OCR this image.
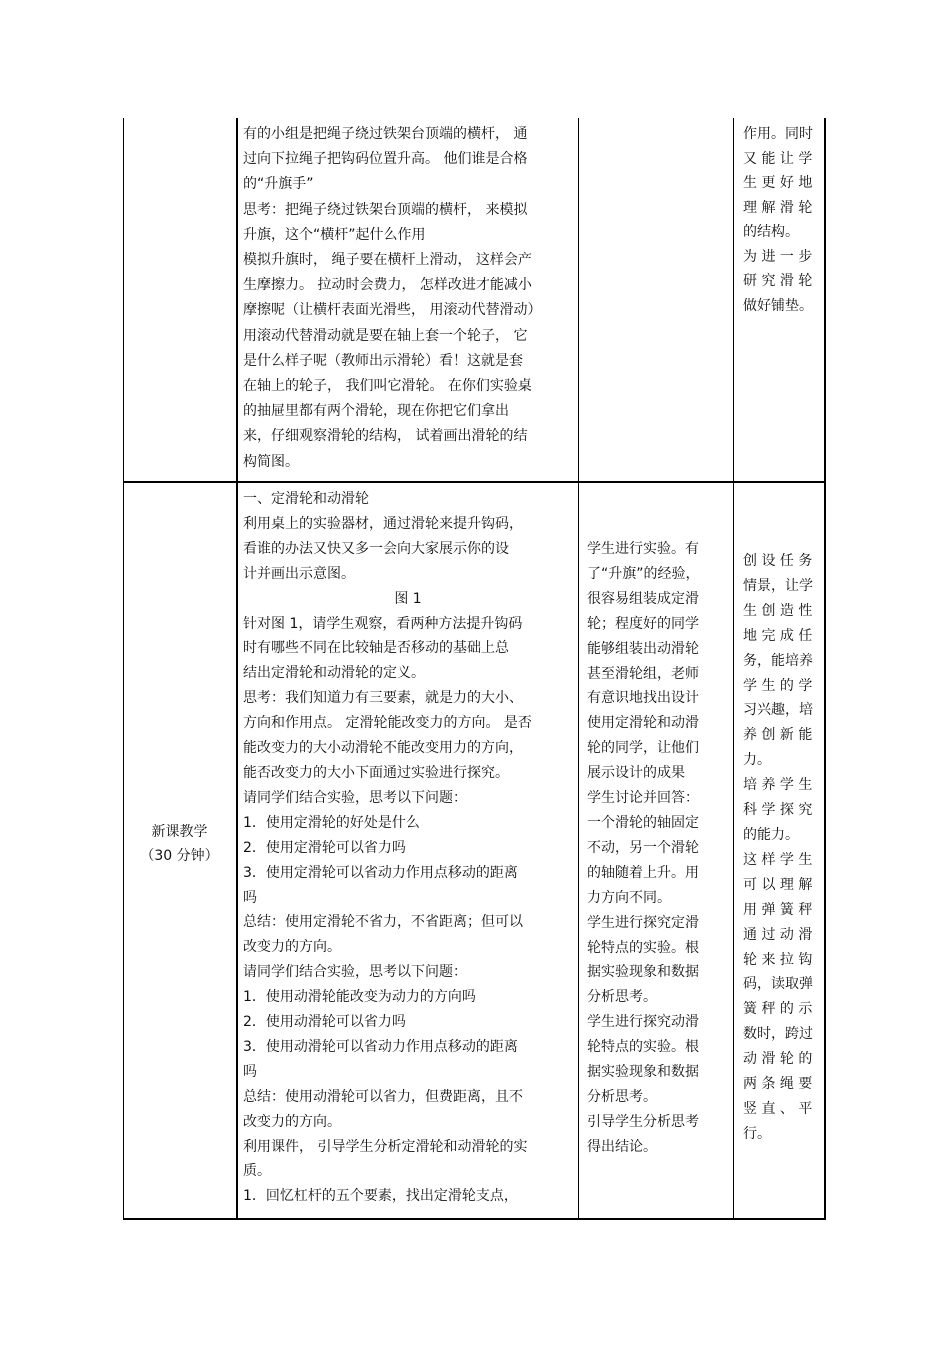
有的小组是把绳子绕过铁架台顶端的横杆， 通
过向下拉绳子把钩码位置升高。 他们谁是合格
的“升旗手”
思考：把绳子绕过铁架台顶端的横杆， 来模拟
升旗，这个“横杆”起什么作用
模拟升旗时， 绳子要在横杆上滑动， 这样会产
生摩擦力。 拉动时会费力， 怎样改进才能减小
摩擦呢（让横杆表面光滑些， 用滚动代替滑动）
用滚动代替滑动就是要在轴上套一个轮子， 它
是什么样子呢（教师出示滑轮）看！这就是套
在轴上的轮子， 我们叫它滑轮。 在你们实验桌
的抽屉里都有两个滑轮，现在你把它们拿出
来，仔细观察滑轮的结构， 试着画出滑轮的结
构简图。
作用。同时
又 能 让 学
生 更 好 地
理 解 滑 轮
的结构。
为 进 一 步
研 究 滑 轮
做好铺垫。
新课教学
（30 分钟）
一、定滑轮和动滑轮
利用桌上的实验器材，通过滑轮来提升钩码，
看谁的办法又快又多一会向大家展示你的设
计并画出示意图。
图 1
针对图 1，请学生观察，看两种方法提升钩码
时有哪些不同在比较轴是否移动的基础上总
结出定滑轮和动滑轮的定义。
思考：我们知道力有三要素，就是力的大小、
方向和作用点。 定滑轮能改变力的方向。 是否
能改变力的大小动滑轮不能改变用力的方向，
能否改变力的大小下面通过实验进行探究。
请同学们结合实验，思考以下问题：
1．使用定滑轮的好处是什么
2．使用定滑轮可以省力吗
3．使用定滑轮可以省动力作用点移动的距离
吗
总结：使用定滑轮不省力，不省距离；但可以
改变力的方向。
请同学们结合实验，思考以下问题：
1．使用动滑轮能改变为动力的方向吗
2．使用动滑轮可以省力吗
3．使用动滑轮可以省动力作用点移动的距离
吗
总结：使用动滑轮可以省力，但费距离，且不
改变力的方向。
利用课件， 引导学生分析定滑轮和动滑轮的实
质。
1．回忆杠杆的五个要素，找出定滑轮支点，
学生进行实验。有
了“升旗”的经验，
很容易组装成定滑
轮；程度好的同学
能够组装出动滑轮
甚至滑轮组，老师
有意识地找出设计
使用定滑轮和动滑
轮的同学，让他们
展示设计的成果
学生讨论并回答：
一个滑轮的轴固定
不动，另一个滑轮
的轴随着上升。用
力方向不同。
学生进行探究定滑
轮特点的实验。根
据实验现象和数据
分析思考。
学生进行探究动滑
轮特点的实验。根
据实验现象和数据
分析思考。
引导学生分析思考
得出结论。
创 设 任 务
情景，让学
生 创 造 性
地 完 成 任
务，能培养
学 生 的 学
习兴趣，培
养 创 新 能
力。
培 养 学 生
科 学 探 究
的能力。
这 样 学 生
可 以 理 解
用 弹 簧 秤
通 过 动 滑
轮 来 拉 钩
码，读取弹
簧 秤 的 示
数时，跨过
动 滑 轮 的
两 条 绳 要
竖 直 、 平
行。
